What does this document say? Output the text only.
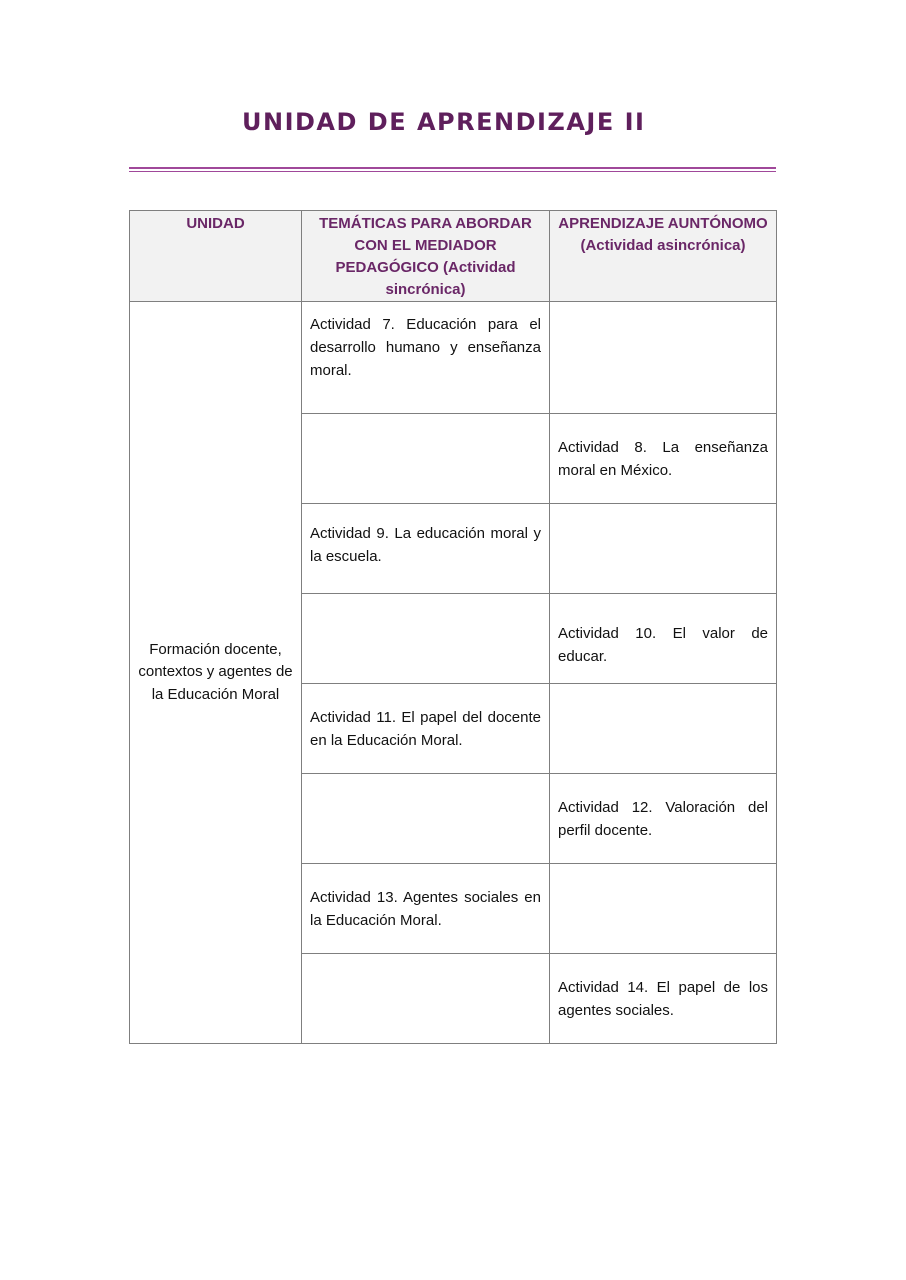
UNIDAD DE APRENDIZAJE II
UNIDAD	TEMÁTICAS PARA ABORDAR CON EL MEDIADOR PEDAGÓGICO (Actividad sincrónica)	APRENDIZAJE AUNTÓNOMO (Actividad asincrónica)
Formación docente, contextos y agentes de la Educación Moral	Actividad 7. Educación para el desarrollo humano y enseñanza moral.	
		Actividad 8. La enseñanza moral en México.
	Actividad 9. La educación moral y la escuela.	
		Actividad 10. El valor de educar.
	Actividad 11. El papel del docente en la Educación Moral.	
		Actividad 12. Valoración del perfil docente.
	Actividad 13. Agentes sociales en la Educación Moral.	
		Actividad 14. El papel de los agentes sociales.
